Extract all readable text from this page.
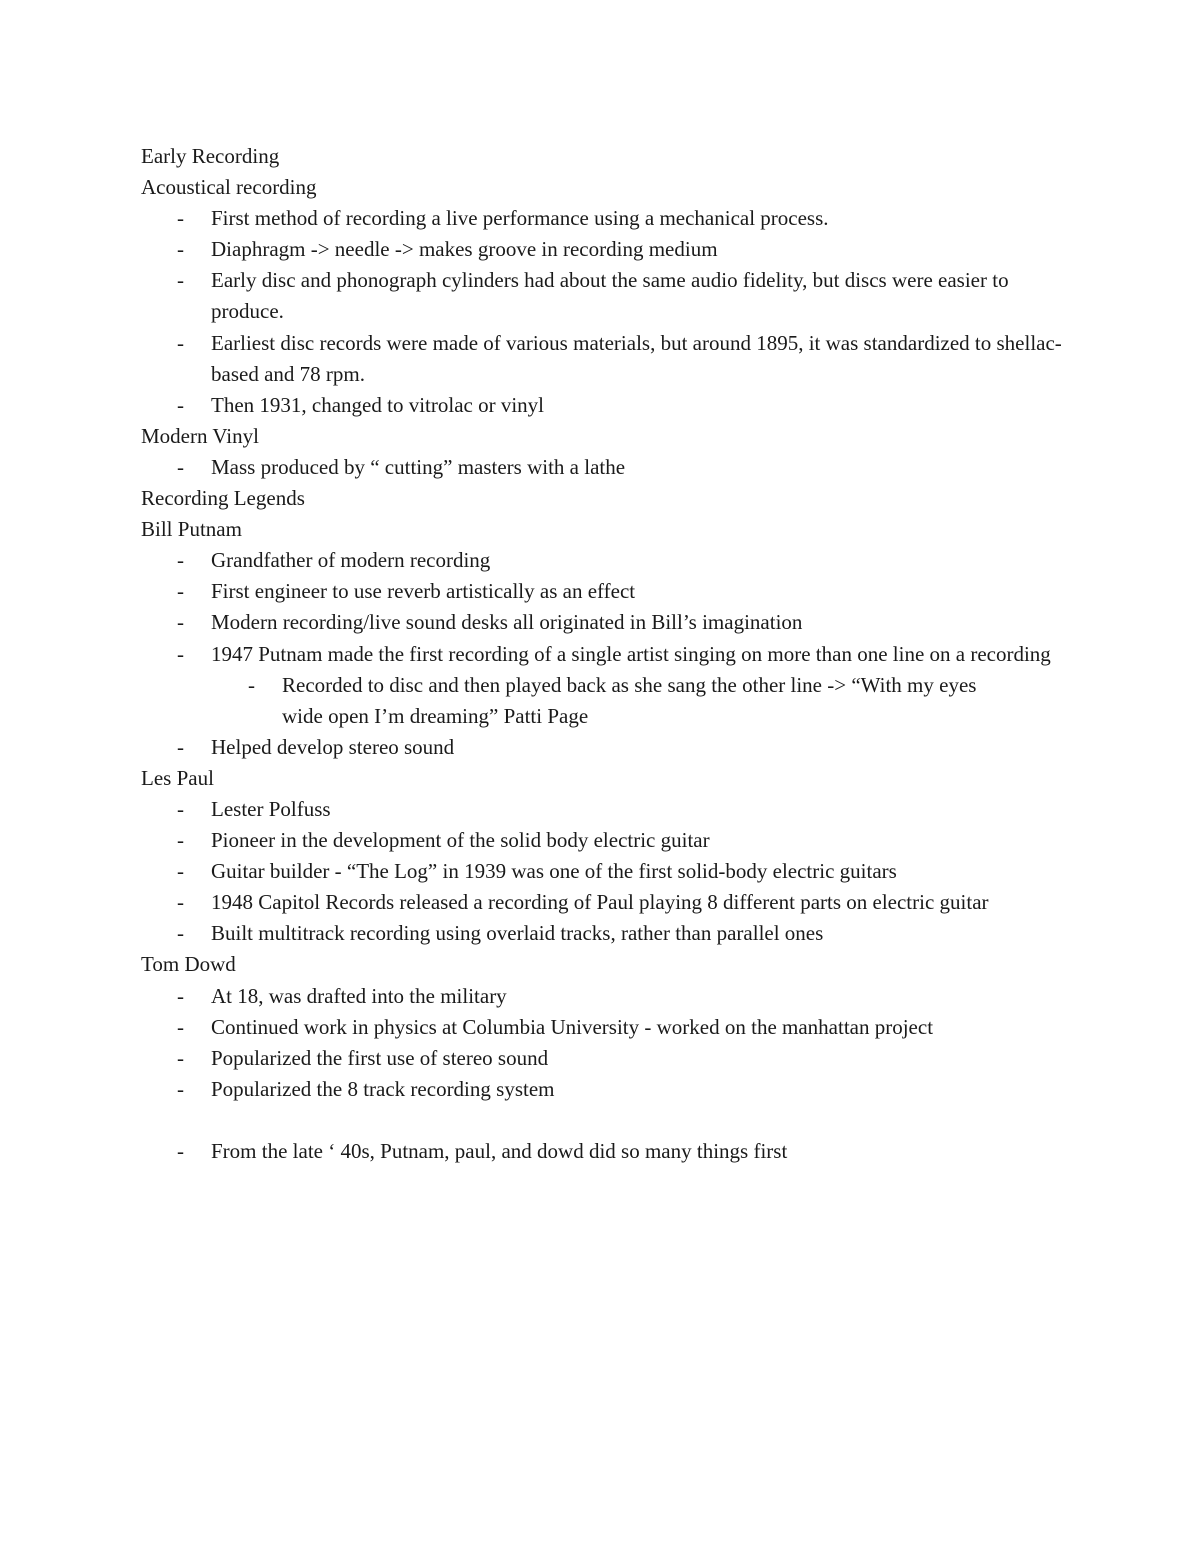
Early Recording
Acoustical recording
- First method of recording a live performance using a mechanical process.
- Diaphragm -> needle -> makes groove in recording medium
- Early disc and phonograph cylinders had about the same audio fidelity, but discs were easier to produce.
- Earliest disc records were made of various materials, but around 1895, it was standardized to shellac-based and 78 rpm.
- Then 1931, changed to vitrolac or vinyl
Modern Vinyl
- Mass produced by “ cutting” masters with a lathe
Recording Legends
Bill Putnam
- Grandfather of modern recording
- First engineer to use reverb artistically as an effect
- Modern recording/live sound desks all originated in Bill’s imagination
- 1947 Putnam made the first recording of a single artist singing on more than one line on a recording
- Recorded to disc and then played back as she sang the other line -> “With my eyes wide open I’m dreaming” Patti Page
- Helped develop stereo sound
Les Paul
- Lester Polfuss
- Pioneer in the development of the solid body electric guitar
- Guitar builder - “The Log” in 1939 was one of the first solid-body electric guitars
- 1948 Capitol Records released a recording of Paul playing 8 different parts on electric guitar
- Built multitrack recording using overlaid tracks, rather than parallel ones
Tom Dowd
- At 18, was drafted into the military
- Continued work in physics at Columbia University - worked on the manhattan project
- Popularized the first use of stereo sound
- Popularized the 8 track recording system
- From the late ‘ 40s, Putnam, paul, and dowd did so many things first
